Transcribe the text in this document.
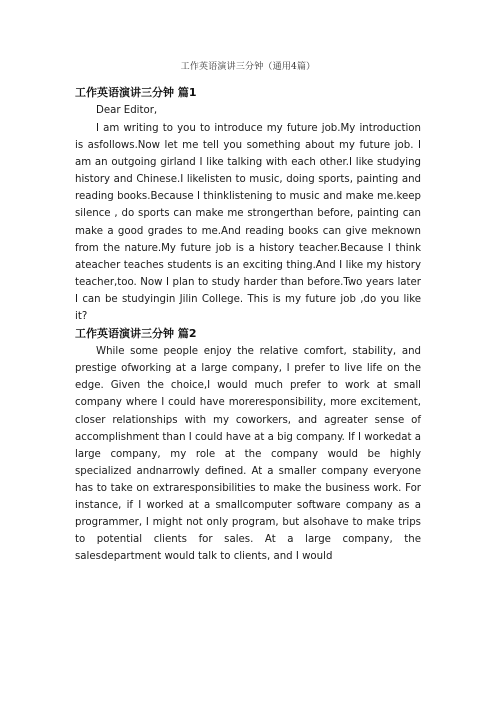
工作英语演讲三分钟（通用4篇）
工作英语演讲三分钟 篇1

Dear Editor,

I am writing to you to introduce my future job.My introduction is asfollows.Now let me tell you something about my future job. I am an outgoing girland I like talking with each other.I like studying history and Chinese.I likelisten to music, doing sports, painting and reading books.Because I thinklistening to music and make me.keep silence , do sports can make me strongerthan before, painting can make a good grades to me.And reading books can give meknown from the nature.My future job is a history teacher.Because I think ateacher teaches students is an exciting thing.And I like my history teacher,too. Now I plan to study harder than before.Two years later I can be studyingin Jilin College. This is my future job ,do you like it?

工作英语演讲三分钟 篇2

While some people enjoy the relative comfort, stability, and prestige ofworking at a large company, I prefer to live life on the edge. Given the choice,I would much prefer to work at small company where I could have moreresponsibility, more excitement, closer relationships with my coworkers, and agreater sense of accomplishment than I could have at a big company. If I workedat a large company, my role at the company would be highly specialized andnarrowly defined. At a smaller company everyone has to take on extraresponsibilities to make the business work. For instance, if I worked at a smallcomputer software company as a programmer, I might not only program, but alsohave to make trips to potential clients for sales. At a large company, the salesdepartment would talk to clients, and I would
